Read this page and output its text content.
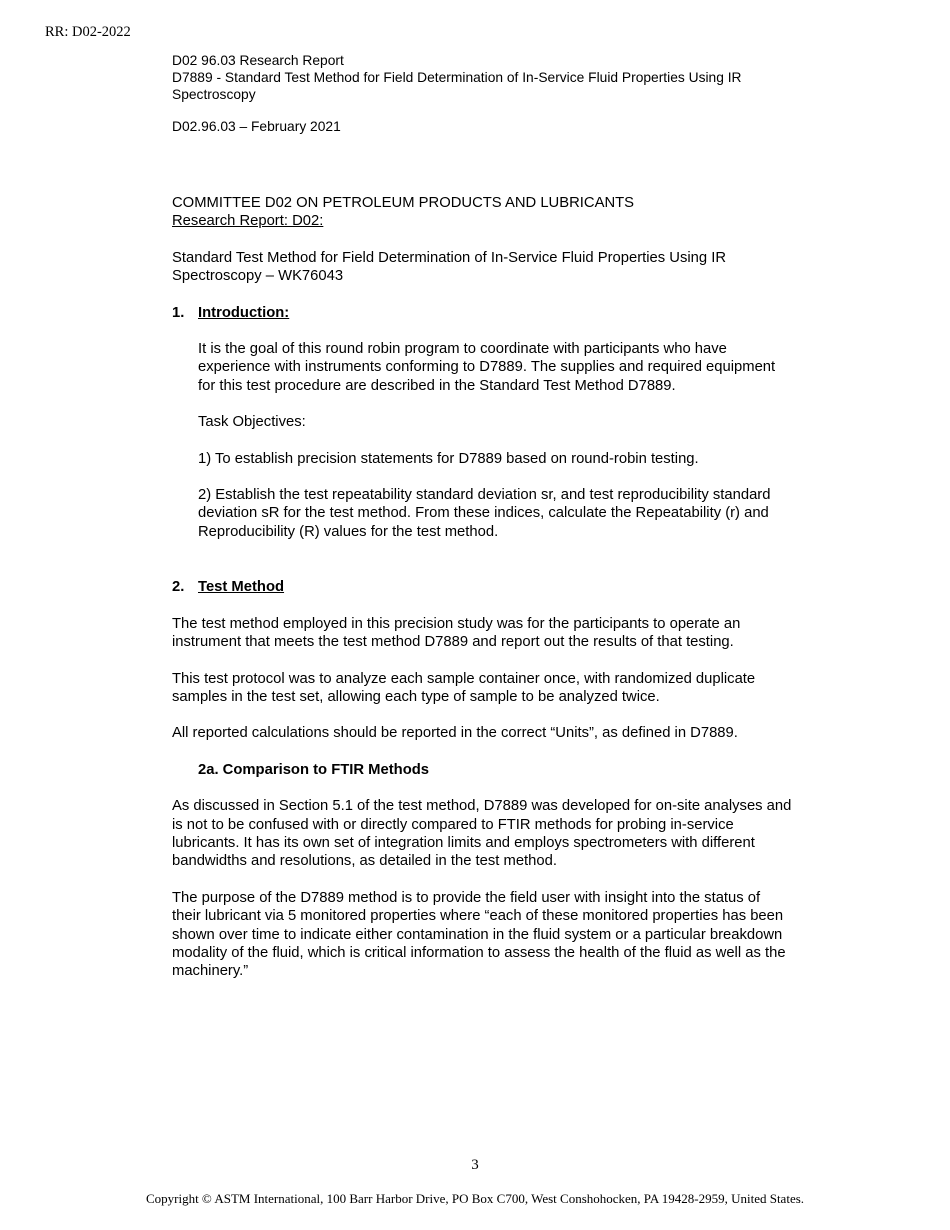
RR: D02-2022

D02 96.03 Research Report

D7889 - Standard Test Method for Field Determination of In-Service Fluid Properties Using IR Spectroscopy

D02.96.03 – February 2021

COMMITTEE D02 ON PETROLEUM PRODUCTS AND LUBRICANTS

Research Report: D02:

Standard Test Method for Field Determination of In-Service Fluid Properties Using IR Spectroscopy – WK76043

1. Introduction:

It is the goal of this round robin program to coordinate with participants who have experience with instruments conforming to D7889. The supplies and required equipment for this test procedure are described in the Standard Test Method D7889.

Task Objectives:

1) To establish precision statements for D7889 based on round-robin testing.

2) Establish the test repeatability standard deviation sr, and test reproducibility standard deviation sR for the test method. From these indices, calculate the Repeatability (r) and Reproducibility (R) values for the test method.

2. Test Method

The test method employed in this precision study was for the participants to operate an instrument that meets the test method D7889 and report out the results of that testing.

This test protocol was to analyze each sample container once, with randomized duplicate samples in the test set, allowing each type of sample to be analyzed twice.

All reported calculations should be reported in the correct “Units”, as defined in D7889.

2a. Comparison to FTIR Methods

As discussed in Section 5.1 of the test method, D7889 was developed for on-site analyses and is not to be confused with or directly compared to FTIR methods for probing in-service lubricants. It has its own set of integration limits and employs spectrometers with different bandwidths and resolutions, as detailed in the test method.

The purpose of the D7889 method is to provide the field user with insight into the status of their lubricant via 5 monitored properties where “each of these monitored properties has been shown over time to indicate either contamination in the fluid system or a particular breakdown modality of the fluid, which is critical information to assess the health of the fluid as well as the machinery.”

3
Copyright © ASTM International, 100 Barr Harbor Drive, PO Box C700, West Conshohocken, PA 19428-2959, United States.
